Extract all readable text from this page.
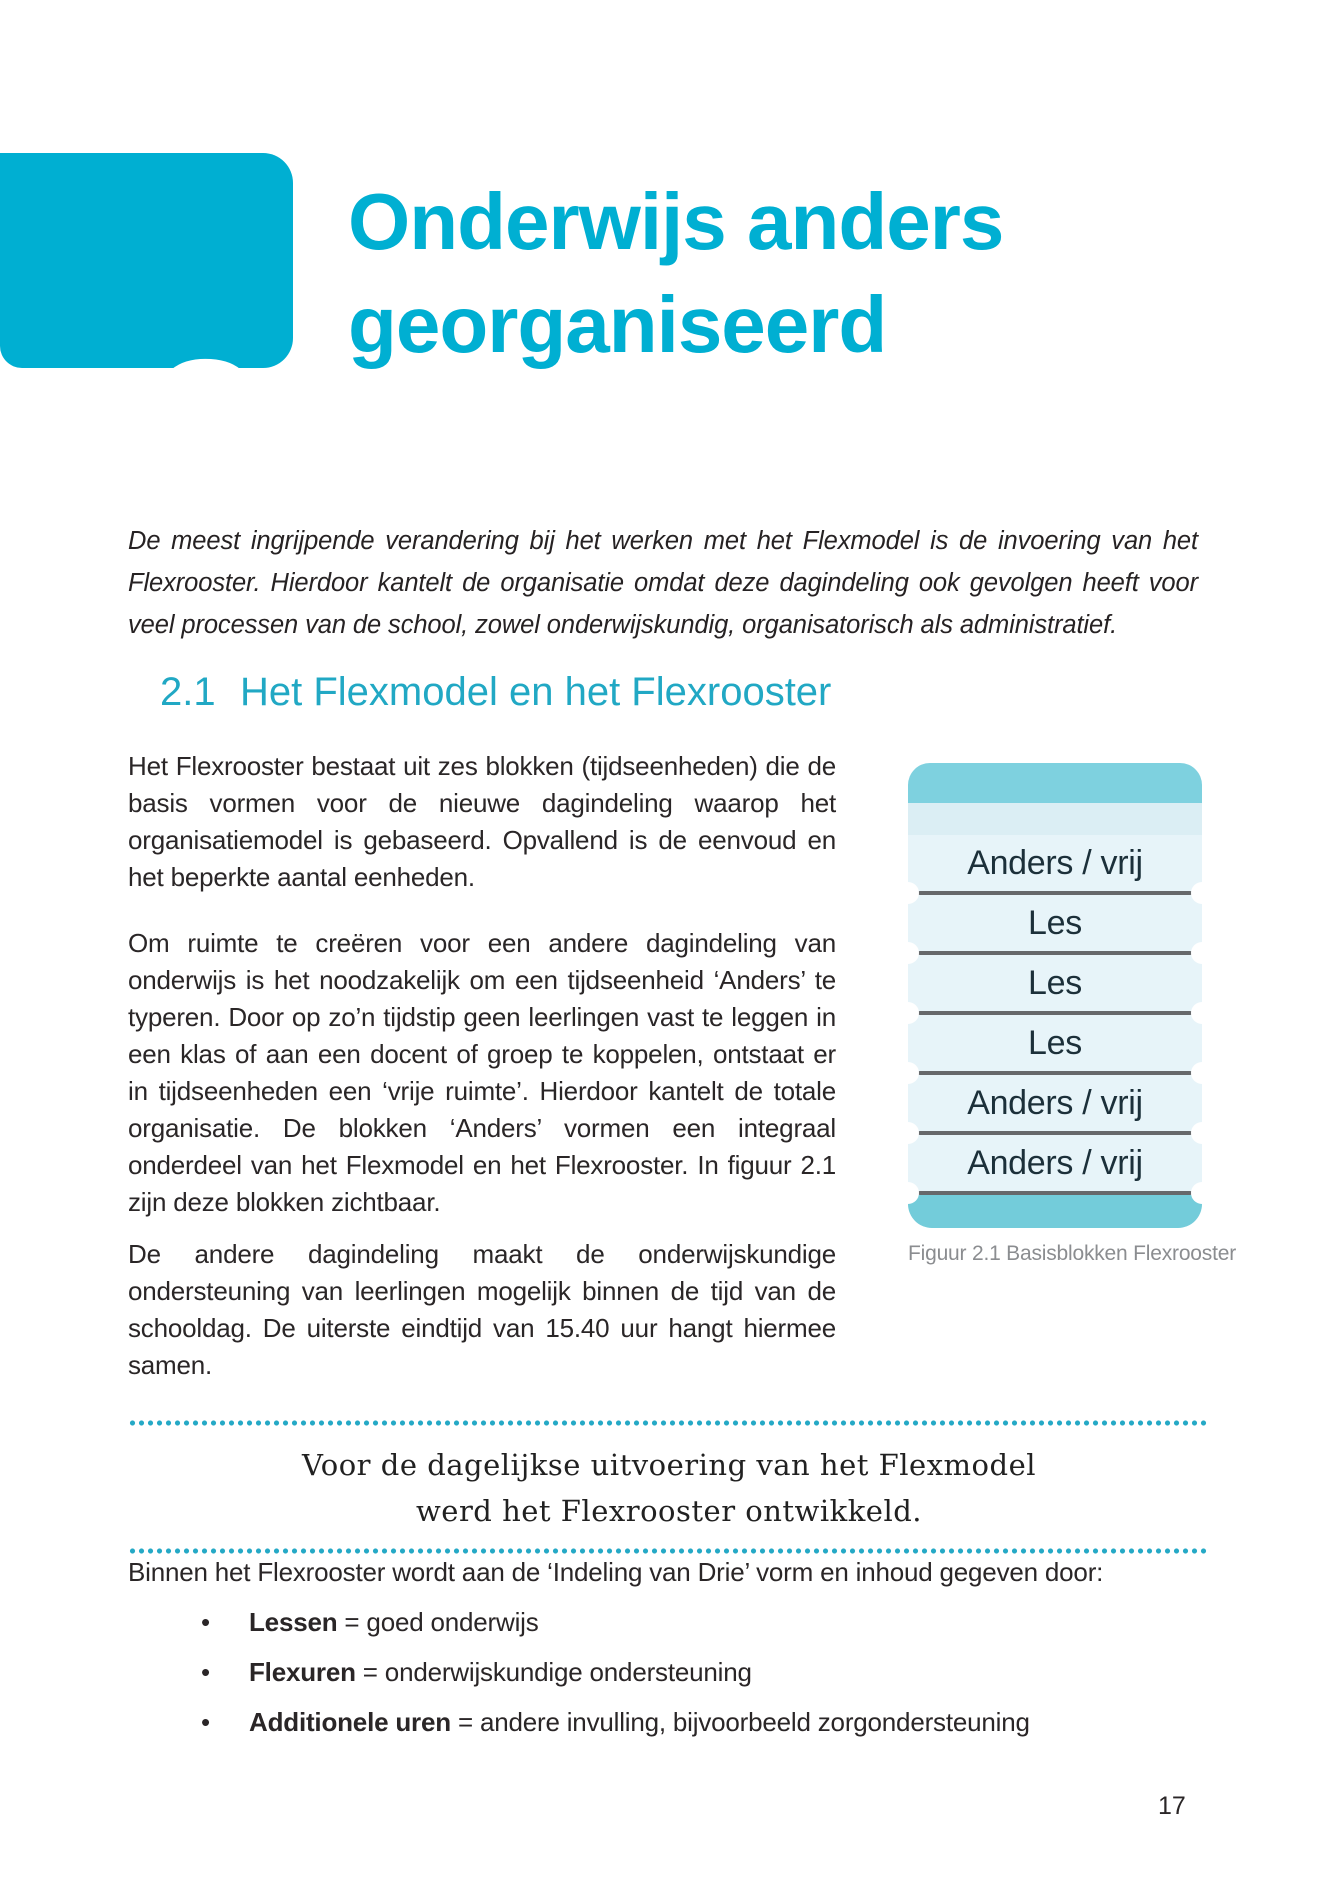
2
Onderwijs anders
georganiseerd
De meest ingrijpende verandering bij het werken met het Flexmodel is de invoering van het Flexrooster. Hierdoor kantelt de organisatie omdat deze dagindeling ook gevolgen heeft voor veel processen van de school, zowel onderwijskundig, organisatorisch als administratief.
2.1 Het Flexmodel en het Flexrooster
Het Flexrooster bestaat uit zes blokken (tijdseenheden) die de basis vormen voor de nieuwe dagindeling waarop het organisatiemodel is gebaseerd. Opvallend is de eenvoud en het beperkte aantal eenheden.
Om ruimte te creëren voor een andere dagindeling van onderwijs is het noodzakelijk om een tijdseenheid ‘Anders’ te typeren. Door op zo’n tijdstip geen leerlingen vast te leggen in een klas of aan een docent of groep te koppelen, ontstaat er in tijdseenheden een ‘vrije ruimte’. Hierdoor kantelt de totale organisatie. De blokken ‘Anders’ vormen een integraal onderdeel van het Flexmodel en het Flexrooster. In figuur 2.1 zijn deze blokken zichtbaar.
De andere dagindeling maakt de onderwijskundige ondersteuning van leerlingen mogelijk binnen de tijd van de schooldag. De uiterste eindtijd van 15.40 uur hangt hiermee samen.
Anders / vrij
Les
Les
Les
Anders / vrij
Anders / vrij
Figuur 2.1 Basisblokken Flexrooster
Voor de dagelijkse uitvoering van het Flexmodel
werd het Flexrooster ontwikkeld.

Binnen het Flexrooster wordt aan de ‘Indeling van Drie’ vorm en inhoud gegeven door:

• Lessen = goed onderwijs
• Flexuren = onderwijskundige ondersteuning
• Additionele uren = andere invulling, bijvoorbeeld zorgondersteuning
17
